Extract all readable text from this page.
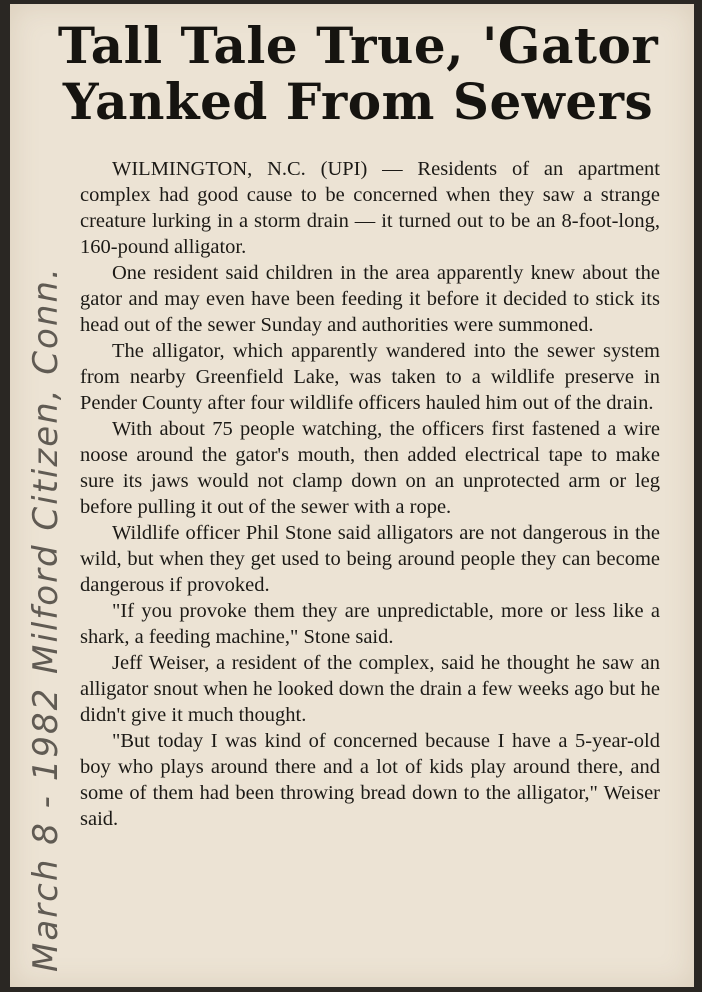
Tall Tale True, 'Gator
Yanked From Sewers
March 8 - 1982 Milford Citizen, Conn.

WILMINGTON, N.C. (UPI) — Residents of an apartment complex had good cause to be concerned when they saw a strange creature lurking in a storm drain — it turned out to be an 8-foot-long, 160-pound alligator.

One resident said children in the area apparently knew about the gator and may even have been feeding it before it decided to stick its head out of the sewer Sunday and authorities were summoned.

The alligator, which apparently wandered into the sewer system from nearby Greenfield Lake, was taken to a wildlife preserve in Pender County after four wildlife officers hauled him out of the drain.

With about 75 people watching, the officers first fastened a wire noose around the gator's mouth, then added electrical tape to make sure its jaws would not clamp down on an unprotected arm or leg before pulling it out of the sewer with a rope.

Wildlife officer Phil Stone said alligators are not dangerous in the wild, but when they get used to being around people they can become dangerous if provoked.

"If you provoke them they are unpredictable, more or less like a shark, a feeding machine," Stone said.

Jeff Weiser, a resident of the complex, said he thought he saw an alligator snout when he looked down the drain a few weeks ago but he didn't give it much thought.

"But today I was kind of concerned because I have a 5-year-old boy who plays around there and a lot of kids play around there, and some of them had been throwing bread down to the alligator," Weiser said.
